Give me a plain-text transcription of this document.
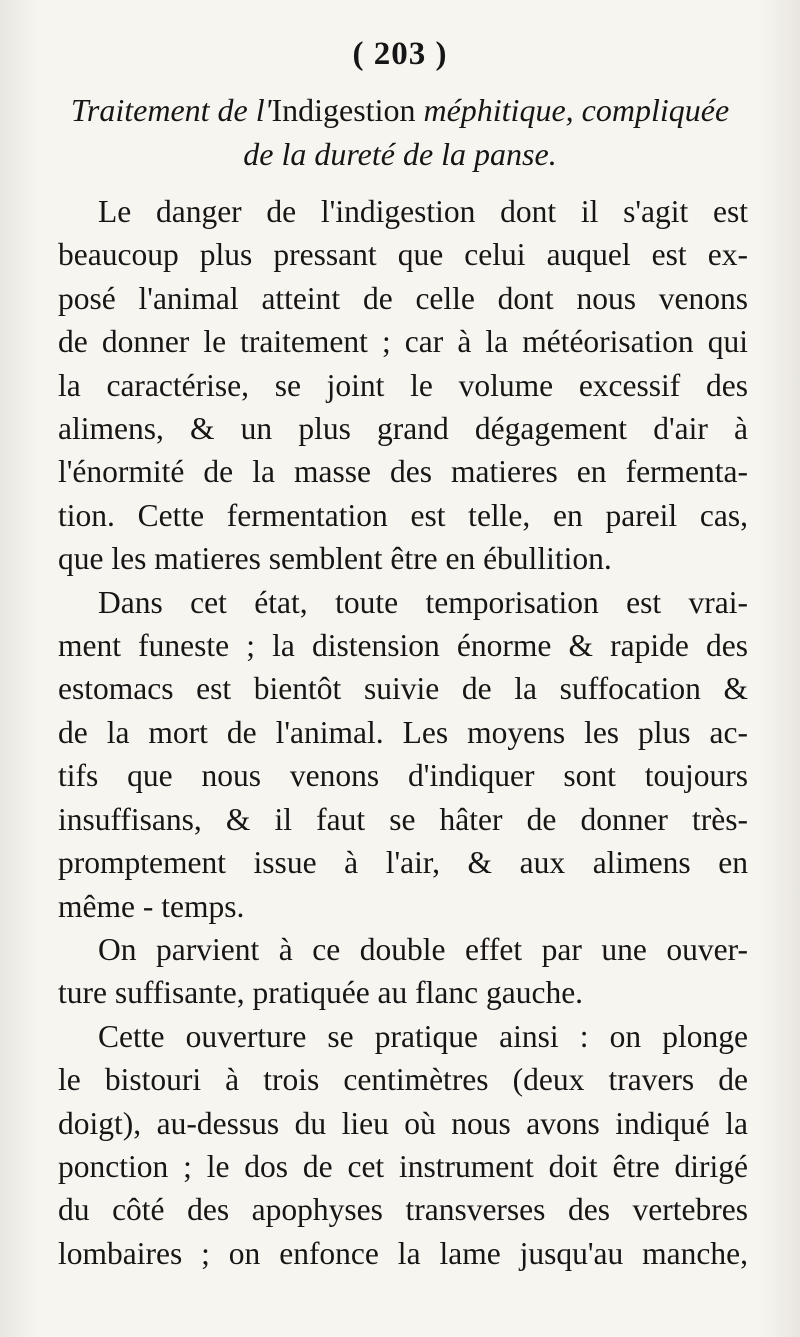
( 203 )
Traitement de l'Indigestion méphitique, compliquée
de la dureté de la panse.
Le danger de l'indigestion dont il s'agit est
beaucoup plus pressant que celui auquel est ex-
posé l'animal atteint de celle dont nous venons
de donner le traitement ; car à la météorisation qui
la caractérise, se joint le volume excessif des
alimens, & un plus grand dégagement d'air à
l'énormité de la masse des matieres en fermenta-
tion. Cette fermentation est telle, en pareil cas,
que les matieres semblent être en ébullition.
Dans cet état, toute temporisation est vrai-
ment funeste ; la distension énorme & rapide des
estomacs est bientôt suivie de la suffocation &
de la mort de l'animal. Les moyens les plus ac-
tifs que nous venons d'indiquer sont toujours
insuffisans, & il faut se hâter de donner très-
promptement issue à l'air, & aux alimens en
même - temps.
On parvient à ce double effet par une ouver-
ture suffisante, pratiquée au flanc gauche.
Cette ouverture se pratique ainsi : on plonge
le bistouri à trois centimètres (deux travers de
doigt), au-dessus du lieu où nous avons indiqué la
ponction ; le dos de cet instrument doit être dirigé
du côté des apophyses transverses des vertebres
lombaires ; on enfonce la lame jusqu'au manche,
